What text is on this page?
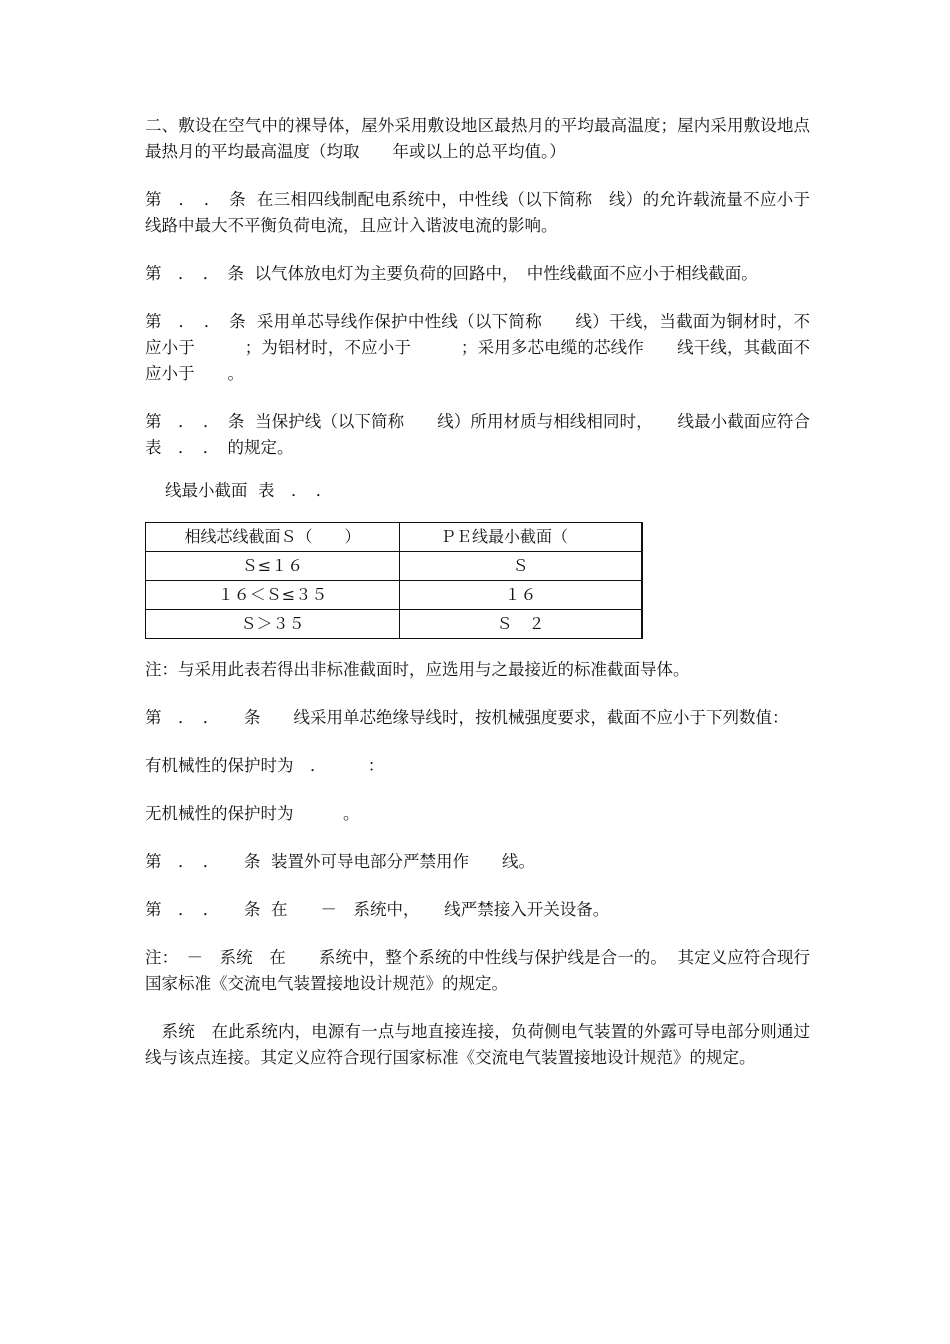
二、敷设在空气中的裸导体，屋外采用敷设地区最热月的平均最高温度；屋内采用敷设地点最热月的平均最高温度（均取　　年或以上的总平均值。）

第　．　．　条  在三相四线制配电系统中，中性线（以下简称　线）的允许载流量不应小于线路中最大不平衡负荷电流，且应计入谐波电流的影响。

第　．　．　条  以气体放电灯为主要负荷的回路中，　中性线截面不应小于相线截面。

第　．　．　条  采用单芯导线作保护中性线（以下简称　　线）干线，当截面为铜材时，不应小于　　　；为铝材时，不应小于　　　；采用多芯电缆的芯线作　　线干线，其截面不应小于　　。

第　．　．　条  当保护线（以下简称　　线）所用材质与相线相同时，　　线最小截面应符合表　．　．　的规定。

线最小截面  表　．　．

相线芯线截面Ｓ（　　）	ＰＥ线最小截面（
Ｓ≤１６	Ｓ
１６＜Ｓ≤３５	１６
Ｓ＞３５	Ｓ　２

注：与采用此表若得出非标准截面时，应选用与之最接近的标准截面导体。

第　．　．　　条　　线采用单芯绝缘导线时，按机械强度要求，截面不应小于下列数值：

有机械性的保护时为　．　　　：

无机械性的保护时为　　　。

第　．　．　　条  装置外可导电部分严禁用作　　线。

第　．　．　　条  在　　－　系统中，　　线严禁接入开关设备。

注：　－　系统　在　　系统中，整个系统的中性线与保护线是合一的。  其定义应符合现行国家标准《交流电气装置接地设计规范》的规定。

　系统　在此系统内，电源有一点与地直接连接，负荷侧电气装置的外露可导电部分则通过　　线与该点连接。其定义应符合现行国家标准《交流电气装置接地设计规范》的规定。
